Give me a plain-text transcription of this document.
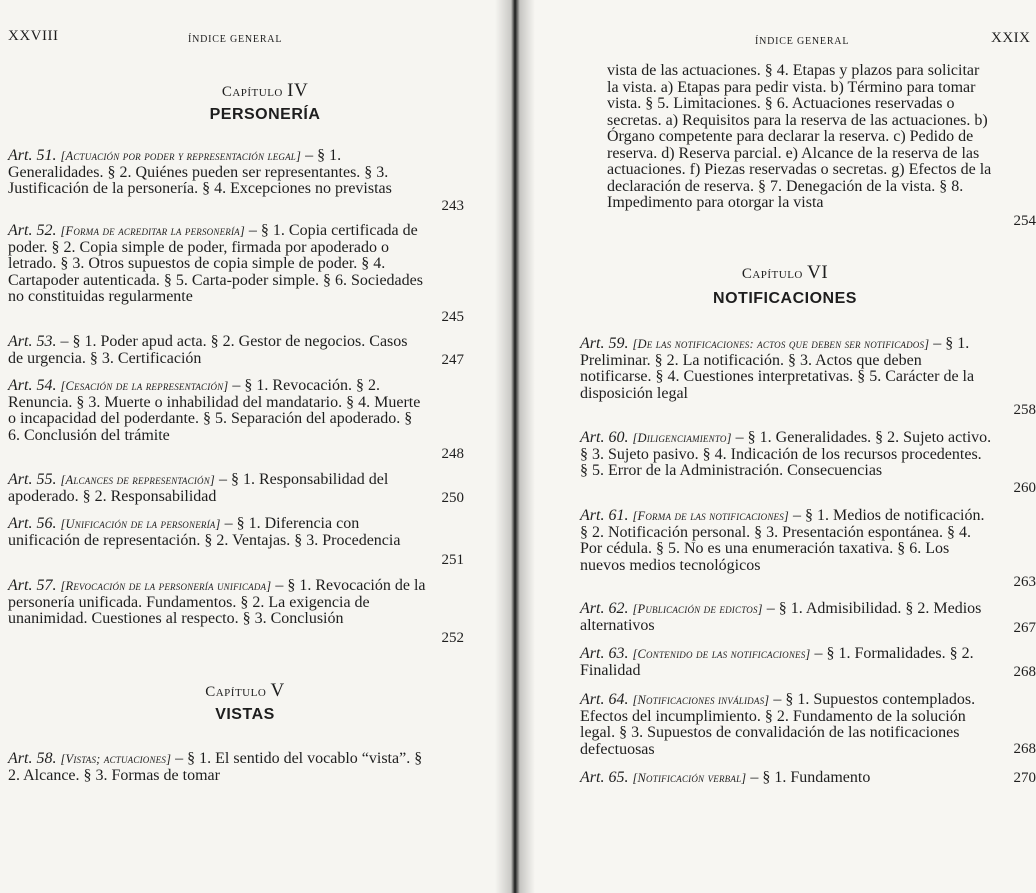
XXVIII	ÍNDICE GENERAL
Capítulo IV
PERSONERÍA
Art. 51. [Actuación por poder y representación legal] – § 1. Generalidades. § 2. Quiénes pueden ser representantes. § 3. Justificación de la personería. § 4. Excepciones no previstas
243
Art. 52. [Forma de acreditar la personería] – § 1. Copia certificada de poder. § 2. Copia simple de poder, firmada por apoderado o letrado. § 3. Otros supuestos de copia simple de poder. § 4. Cartapoder autenticada. § 5. Carta-poder simple. § 6. Sociedades no constituidas regularmente
245
Art. 53. – § 1. Poder apud acta. § 2. Gestor de negocios. Casos de urgencia. § 3. Certificación	247
Art. 54. [Cesación de la representación] – § 1. Revocación. § 2. Renuncia. § 3. Muerte o inhabilidad del mandatario. § 4. Muerte o incapacidad del poderdante. § 5. Separación del apoderado. § 6. Conclusión del trámite
248
Art. 55. [Alcances de representación] – § 1. Responsabilidad del apoderado. § 2. Responsabilidad	250
Art. 56. [Unificación de la personería] – § 1. Diferencia con unificación de representación. § 2. Ventajas. § 3. Procedencia
251
Art. 57. [Revocación de la personería unificada] – § 1. Revocación de la personería unificada. Fundamentos. § 2. La exigencia de unanimidad. Cuestiones al respecto. § 3. Conclusión
252
Capítulo V
VISTAS
Art. 58. [Vistas; actuaciones] – § 1. El sentido del vocablo “vista”. § 2. Alcance. § 3. Formas de tomar
ÍNDICE GENERAL	XXIX
vista de las actuaciones. § 4. Etapas y plazos para solicitar la vista. a) Etapas para pedir vista. b) Término para tomar vista. § 5. Limitaciones. § 6. Actuaciones reservadas o secretas. a) Requisitos para la reserva de las actuaciones. b) Órgano competente para declarar la reserva. c) Pedido de reserva. d) Reserva parcial. e) Alcance de la reserva de las actuaciones. f) Piezas reservadas o secretas. g) Efectos de la declaración de reserva. § 7. Denegación de la vista. § 8. Impedimento para otorgar la vista
254
Capítulo VI
NOTIFICACIONES
Art. 59. [De las notificaciones: actos que deben ser notificados] – § 1. Preliminar. § 2. La notificación. § 3. Actos que deben notificarse. § 4. Cuestiones interpretativas. § 5. Carácter de la disposición legal
258
Art. 60. [Diligenciamiento] – § 1. Generalidades. § 2. Sujeto activo. § 3. Sujeto pasivo. § 4. Indicación de los recursos procedentes. § 5. Error de la Administración. Consecuencias
260
Art. 61. [Forma de las notificaciones] – § 1. Medios de notificación. § 2. Notificación personal. § 3. Presentación espontánea. § 4. Por cédula. § 5. No es una enumeración taxativa. § 6. Los nuevos medios tecnológicos
263
Art. 62. [Publicación de edictos] – § 1. Admisibilidad. § 2. Medios alternativos	267
Art. 63. [Contenido de las notificaciones] – § 1. Formalidades. § 2. Finalidad	268
Art. 64. [Notificaciones inválidas] – § 1. Supuestos contemplados. Efectos del incumplimiento. § 2. Fundamento de la solución legal. § 3. Supuestos de convalidación de las notificaciones defectuosas	268
Art. 65. [Notificación verbal] – § 1. Fundamento	270
